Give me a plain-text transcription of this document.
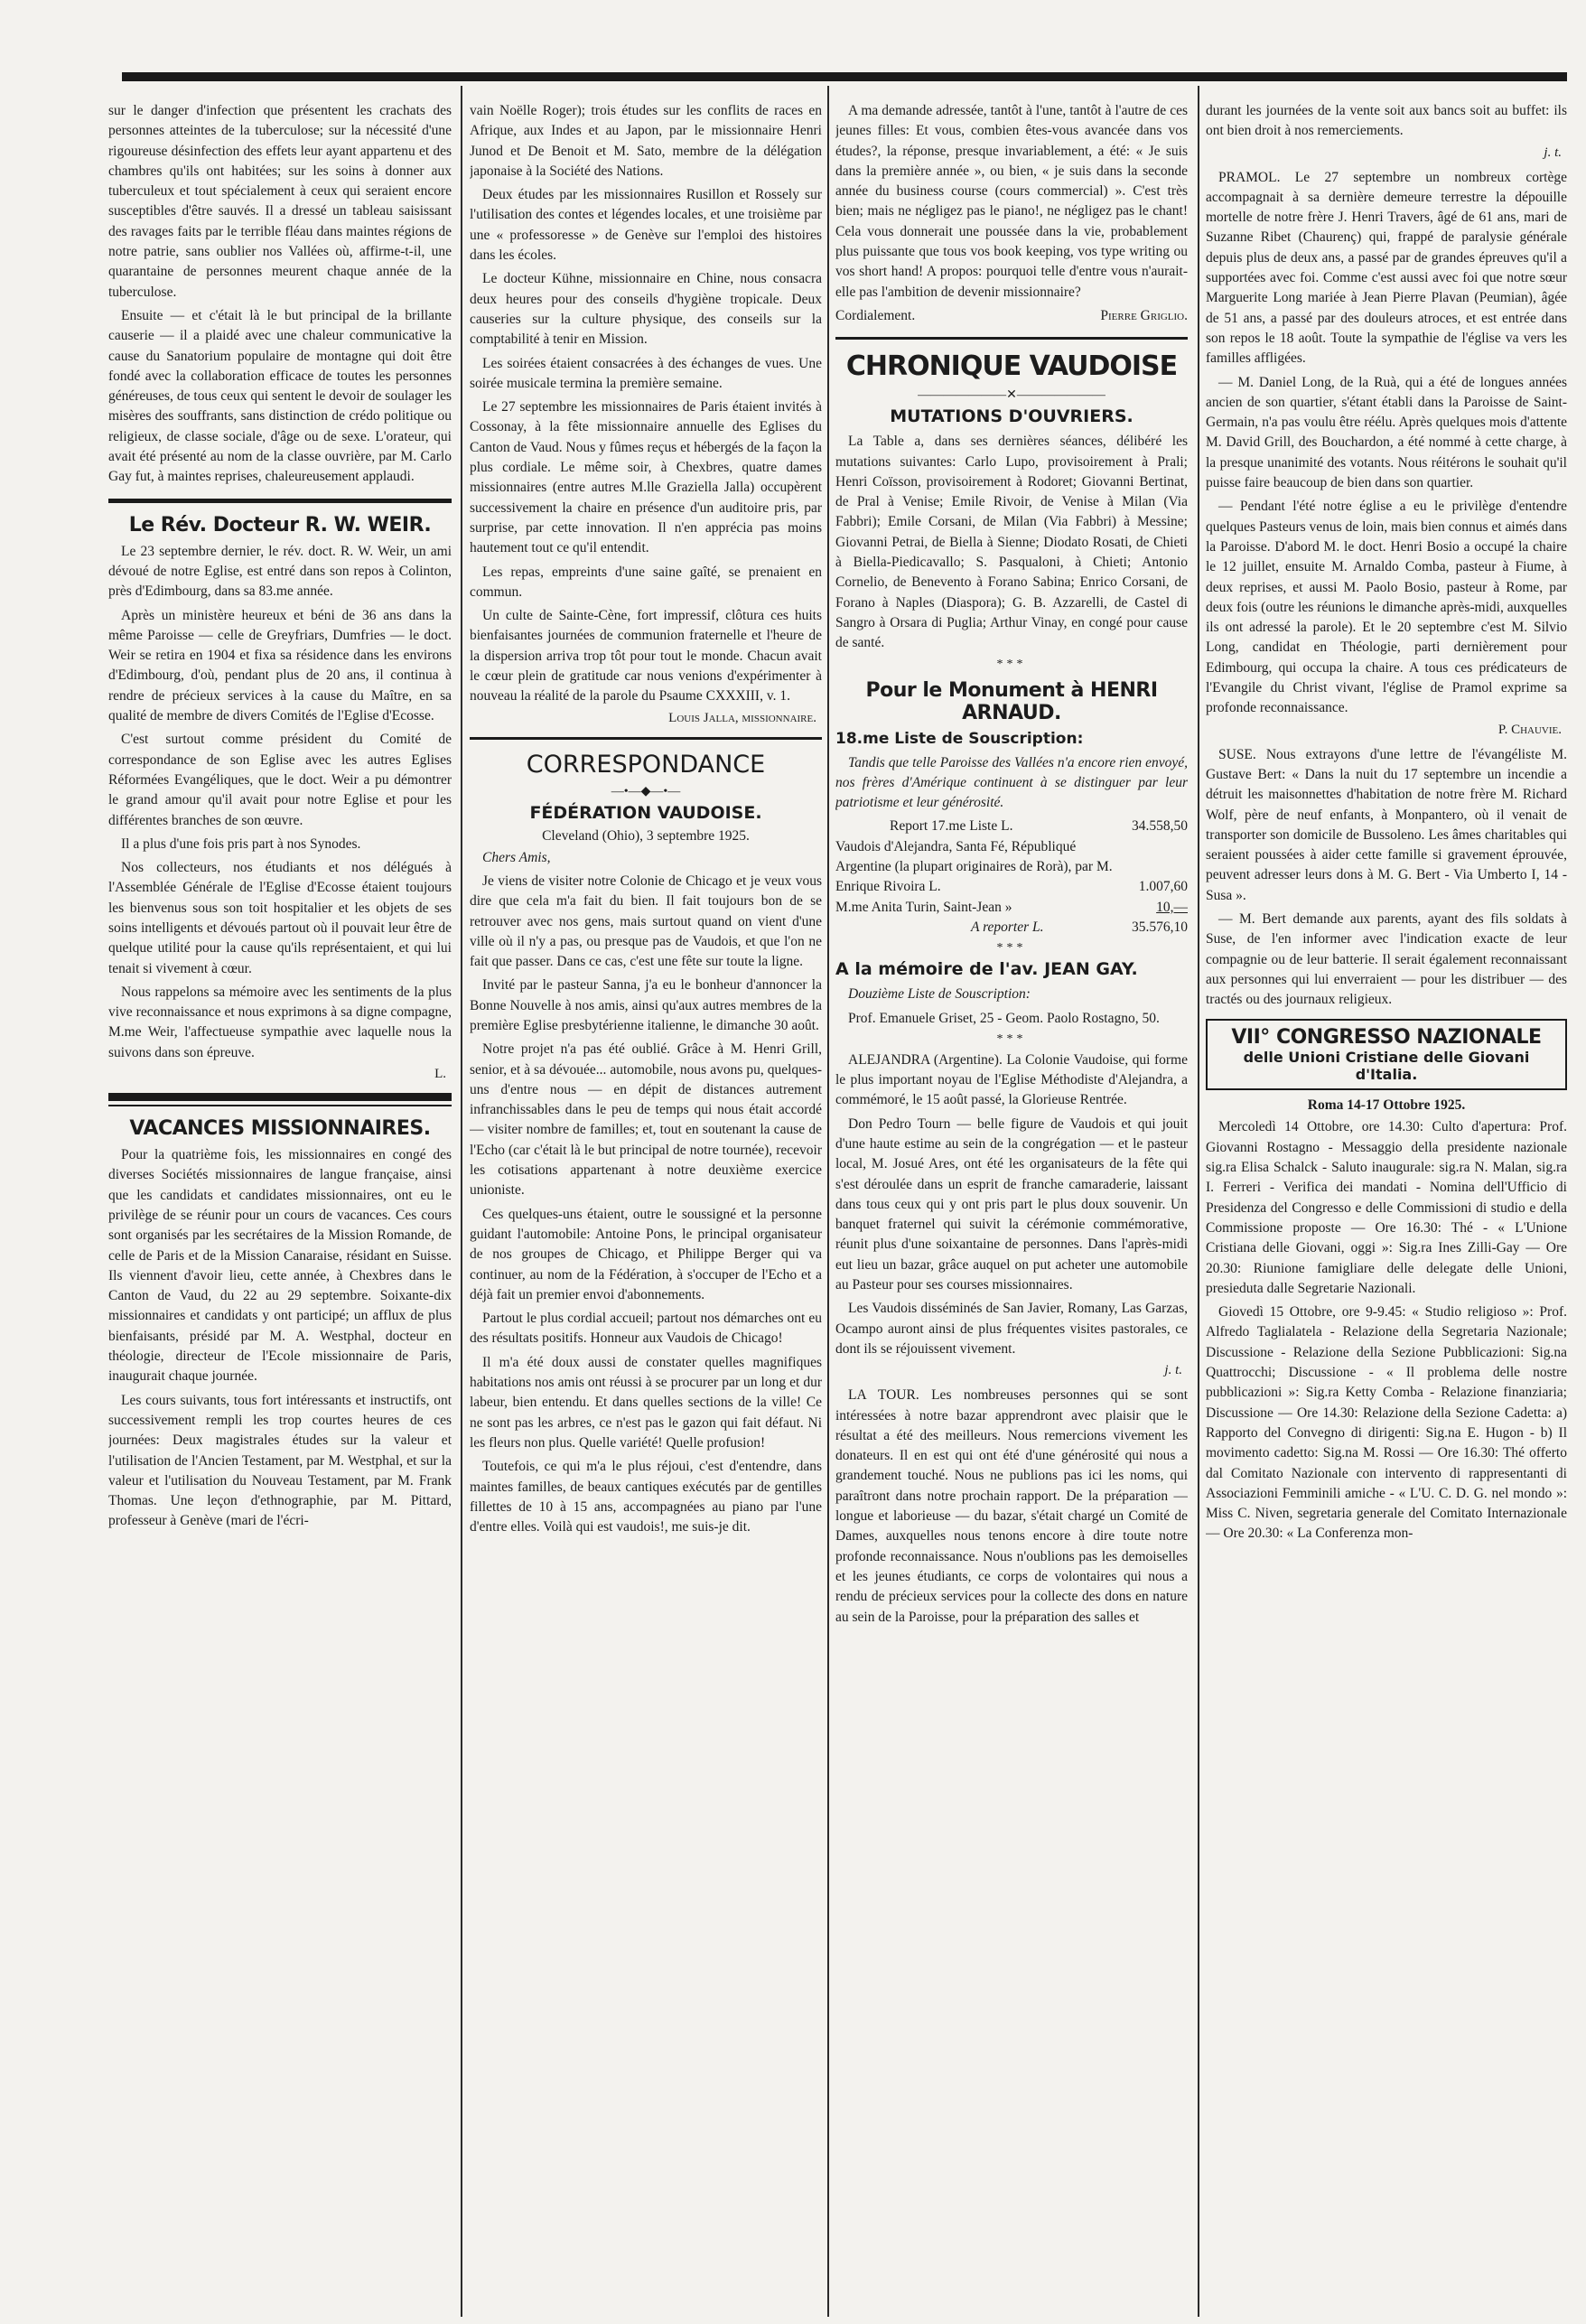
sur le danger d'infection que présentent les crachats des personnes atteintes de la tuberculose; sur la nécessité d'une rigoureuse désinfection des effets leur ayant appartenu et des chambres qu'ils ont habitées; sur les soins à donner aux tuberculeux et tout spécialement à ceux qui seraient encore susceptibles d'être sauvés. Il a dressé un tableau saisissant des ravages faits par le terrible fléau dans maintes régions de notre patrie, sans oublier nos Vallées où, affirme-t-il, une quarantaine de personnes meurent chaque année de la tuberculose.

Ensuite — et c'était là le but principal de la brillante causerie — il a plaidé avec une chaleur communicative la cause du Sanatorium populaire de montagne qui doit être fondé avec la collaboration efficace de toutes les personnes généreuses, de tous ceux qui sentent le devoir de soulager les misères des souffrants, sans distinction de crédo politique ou religieux, de classe sociale, d'âge ou de sexe. L'orateur, qui avait été présenté au nom de la classe ouvrière, par M. Carlo Gay fut, à maintes reprises, chaleureusement applaudi.

Le Rév. Docteur R. W. WEIR.

Le 23 septembre dernier, le rév. doct. R. W. Weir, un ami dévoué de notre Eglise, est entré dans son repos à Colinton, près d'Edimbourg, dans sa 83.me année.

Après un ministère heureux et béni de 36 ans dans la même Paroisse — celle de Greyfriars, Dumfries — le doct. Weir se retira en 1904 et fixa sa résidence dans les environs d'Edimbourg, d'où, pendant plus de 20 ans, il continua à rendre de précieux services à la cause du Maître, en sa qualité de membre de divers Comités de l'Eglise d'Ecosse.

C'est surtout comme président du Comité de correspondance de son Eglise avec les autres Eglises Réformées Evangéliques, que le doct. Weir a pu démontrer le grand amour qu'il avait pour notre Eglise et pour les différentes branches de son œuvre.

Il a plus d'une fois pris part à nos Synodes.

Nos collecteurs, nos étudiants et nos délégués à l'Assemblée Générale de l'Eglise d'Ecosse étaient toujours les bienvenus sous son toit hospitalier et les objets de ses soins intelligents et dévoués partout où il pouvait leur être de quelque utilité pour la cause qu'ils représentaient, et qui lui tenait si vivement à cœur.

Nous rappelons sa mémoire avec les sentiments de la plus vive reconnaissance et nous exprimons à sa digne compagne, M.me Weir, l'affectueuse sympathie avec laquelle nous la suivons dans son épreuve.

L.
VACANCES MISSIONNAIRES.

Pour la quatrième fois, les missionnaires en congé des diverses Sociétés missionnaires de langue française, ainsi que les candidats et candidates missionnaires, ont eu le privilège de se réunir pour un cours de vacances. Ces cours sont organisés par les secrétaires de la Mission Romande, de celle de Paris et de la Mission Canaraise, résidant en Suisse. Ils viennent d'avoir lieu, cette année, à Chexbres dans le Canton de Vaud, du 22 au 29 septembre. Soixante-dix missionnaires et candidats y ont participé; un afflux de plus bienfaisants, présidé par M. A. Westphal, docteur en théologie, directeur de l'Ecole missionnaire de Paris, inaugurait chaque journée.

Les cours suivants, tous fort intéressants et instructifs, ont successivement rempli les trop courtes heures de ces journées: Deux magistrales études sur la valeur et l'utilisation de l'Ancien Testament, par M. Westphal, et sur la valeur et l'utilisation du Nouveau Testament, par M. Frank Thomas. Une leçon d'ethnographie, par M. Pittard, professeur à Genève (mari de l'écri-

vain Noëlle Roger); trois études sur les conflits de races en Afrique, aux Indes et au Japon, par le missionnaire Henri Junod et De Benoit et M. Sato, membre de la délégation japonaise à la Société des Nations.

Deux études par les missionnaires Rusillon et Rossely sur l'utilisation des contes et légendes locales, et une troisième par une « professoresse » de Genève sur l'emploi des histoires dans les écoles.

Le docteur Kühne, missionnaire en Chine, nous consacra deux heures pour des conseils d'hygiène tropicale. Deux causeries sur la culture physique, des conseils sur la comptabilité à tenir en Mission.

Les soirées étaient consacrées à des échanges de vues. Une soirée musicale termina la première semaine.

Le 27 septembre les missionnaires de Paris étaient invités à Cossonay, à la fête missionnaire annuelle des Eglises du Canton de Vaud. Nous y fûmes reçus et hébergés de la façon la plus cordiale. Le même soir, à Chexbres, quatre dames missionnaires (entre autres M.lle Graziella Jalla) occupèrent successivement la chaire en présence d'un auditoire pris, par surprise, par cette innovation. Il n'en apprécia pas moins hautement tout ce qu'il entendit.

Les repas, empreints d'une saine gaîté, se prenaient en commun.

Un culte de Sainte-Cène, fort impressif, clôtura ces huits bienfaisantes journées de communion fraternelle et l'heure de la dispersion arriva trop tôt pour tout le monde. Chacun avait le cœur plein de gratitude car nous venions d'expérimenter à nouveau la réalité de la parole du Psaume CXXXIII, v. 1.

Louis Jalla, missionnaire.
CORRESPONDANCE
—•—◆—•—
FÉDÉRATION VAUDOISE.
Cleveland (Ohio), 3 septembre 1925.

Chers Amis,

Je viens de visiter notre Colonie de Chicago et je veux vous dire que cela m'a fait du bien. Il fait toujours bon de se retrouver avec nos gens, mais surtout quand on vient d'une ville où il n'y a pas, ou presque pas de Vaudois, et que l'on ne fait que passer. Dans ce cas, c'est une fête sur toute la ligne.

Invité par le pasteur Sanna, j'a eu le bonheur d'annoncer la Bonne Nouvelle à nos amis, ainsi qu'aux autres membres de la première Eglise presbytérienne italienne, le dimanche 30 août.

Notre projet n'a pas été oublié. Grâce à M. Henri Grill, senior, et à sa dévouée... automobile, nous avons pu, quelques-uns d'entre nous — en dépit de distances autrement infranchissables dans le peu de temps qui nous était accordé — visiter nombre de familles; et, tout en soutenant la cause de l'Echo (car c'était là le but principal de notre tournée), recevoir les cotisations appartenant à notre deuxième exercice unioniste.

Ces quelques-uns étaient, outre le soussigné et la personne guidant l'automobile: Antoine Pons, le principal organisateur de nos groupes de Chicago, et Philippe Berger qui va continuer, au nom de la Fédération, à s'occuper de l'Echo et a déjà fait un premier envoi d'abonnements.

Partout le plus cordial accueil; partout nos démarches ont eu des résultats positifs. Honneur aux Vaudois de Chicago!

Il m'a été doux aussi de constater quelles magnifiques habitations nos amis ont réussi à se procurer par un long et dur labeur, bien entendu. Et dans quelles sections de la ville! Ce ne sont pas les arbres, ce n'est pas le gazon qui fait défaut. Ni les fleurs non plus. Quelle variété! Quelle profusion!

Toutefois, ce qui m'a le plus réjoui, c'est d'entendre, dans maintes familles, de beaux cantiques exécutés par de gentilles fillettes de 10 à 15 ans, accompagnées au piano par l'une d'entre elles. Voilà qui est vaudois!, me suis-je dit.

A ma demande adressée, tantôt à l'une, tantôt à l'autre de ces jeunes filles: Et vous, combien êtes-vous avancée dans vos études?, la réponse, presque invariablement, a été: « Je suis dans la première année », ou bien, « je suis dans la seconde année du business course (cours commercial) ». C'est très bien; mais ne négligez pas le piano!, ne négligez pas le chant! Cela vous donnerait une poussée dans la vie, probablement plus puissante que tous vos book keeping, vos type writing ou vos short hand! A propos: pourquoi telle d'entre vous n'aurait-elle pas l'ambition de devenir missionnaire?

Cordialement.	Pierre Griglio.
CHRONIQUE VAUDOISE
———————✕———————
MUTATIONS D'OUVRIERS.

La Table a, dans ses dernières séances, délibéré les mutations suivantes: Carlo Lupo, provisoirement à Prali; Henri Coïsson, provisoirement à Rodoret; Giovanni Bertinat, de Pral à Venise; Emile Rivoir, de Venise à Milan (Via Fabbri); Emile Corsani, de Milan (Via Fabbri) à Messine; Giovanni Petrai, de Biella à Sienne; Diodato Rosati, de Chieti à Biella-Piedicavallo; S. Pasqualoni, à Chieti; Antonio Cornelio, de Benevento à Forano Sabina; Enrico Corsani, de Forano à Naples (Diaspora); G. B. Azzarelli, de Castel di Sangro à Orsara di Puglia; Arthur Vinay, en congé pour cause de santé.

***
Pour le Monument à HENRI ARNAUD.
18.me Liste de Souscription:

Tandis que telle Paroisse des Vallées n'a encore rien envoyé, nos frères d'Amérique continuent à se distinguer par leur patriotisme et leur générosité.

Report 17.me Liste L.	34.558,50
Vaudois d'Alejandra, Santa Fé, Républiqué Argentine (la plupart originaires de Rorà), par M. Enrique Rivoira L.	1.007,60
M.me Anita Turin, Saint-Jean »	10,—
A reporter L.	35.576,10
***
A la mémoire de l'av. JEAN GAY.

Douzième Liste de Souscription:

Prof. Emanuele Griset, 25 - Geom. Paolo Rostagno, 50.

***

ALEJANDRA (Argentine). La Colonie Vaudoise, qui forme le plus important noyau de l'Eglise Méthodiste d'Alejandra, a commémoré, le 15 août passé, la Glorieuse Rentrée.

Don Pedro Tourn — belle figure de Vaudois et qui jouit d'une haute estime au sein de la congrégation — et le pasteur local, M. Josué Ares, ont été les organisateurs de la fête qui s'est déroulée dans un esprit de franche camaraderie, laissant dans tous ceux qui y ont pris part le plus doux souvenir. Un banquet fraternel qui suivit la cérémonie commémorative, réunit plus d'une soixantaine de personnes. Dans l'après-midi eut lieu un bazar, grâce auquel on put acheter une automobile au Pasteur pour ses courses missionnaires.

Les Vaudois disséminés de San Javier, Romany, Las Garzas, Ocampo auront ainsi de plus fréquentes visites pastorales, ce dont ils se réjouissent vivement.

j. t.

LA TOUR. Les nombreuses personnes qui se sont intéressées à notre bazar apprendront avec plaisir que le résultat a été des meilleurs. Nous remercions vivement les donateurs. Il en est qui ont été d'une générosité qui nous a grandement touché. Nous ne publions pas ici les noms, qui paraîtront dans notre prochain rapport. De la préparation — longue et laborieuse — du bazar, s'était chargé un Comité de Dames, auxquelles nous tenons encore à dire toute notre profonde reconnaissance. Nous n'oublions pas les demoiselles et les jeunes étudiants, ce corps de volontaires qui nous a rendu de précieux services pour la collecte des dons en nature au sein de la Paroisse, pour la préparation des salles et

durant les journées de la vente soit aux bancs soit au buffet: ils ont bien droit à nos remerciements.

j. t.

PRAMOL. Le 27 septembre un nombreux cortège accompagnait à sa dernière demeure terrestre la dépouille mortelle de notre frère J. Henri Travers, âgé de 61 ans, mari de Suzanne Ribet (Chaurenç) qui, frappé de paralysie générale depuis plus de deux ans, a passé par de grandes épreuves qu'il a supportées avec foi. Comme c'est aussi avec foi que notre sœur Marguerite Long mariée à Jean Pierre Plavan (Peumian), âgée de 51 ans, a passé par des douleurs atroces, et est entrée dans son repos le 18 août. Toute la sympathie de l'église va vers les familles affligées.

— M. Daniel Long, de la Ruà, qui a été de longues années ancien de son quartier, s'étant établi dans la Paroisse de Saint-Germain, n'a pas voulu être réélu. Après quelques mois d'attente M. David Grill, des Bouchardon, a été nommé à cette charge, à la presque unanimité des votants. Nous réitérons le souhait qu'il puisse faire beaucoup de bien dans son quartier.

— Pendant l'été notre église a eu le privilège d'entendre quelques Pasteurs venus de loin, mais bien connus et aimés dans la Paroisse. D'abord M. le doct. Henri Bosio a occupé la chaire le 12 juillet, ensuite M. Arnaldo Comba, pasteur à Fiume, à deux reprises, et aussi M. Paolo Bosio, pasteur à Rome, par deux fois (outre les réunions le dimanche après-midi, auxquelles ils ont adressé la parole). Et le 20 septembre c'est M. Silvio Long, candidat en Théologie, parti dernièrement pour Edimbourg, qui occupa la chaire. A tous ces prédicateurs de l'Evangile du Christ vivant, l'église de Pramol exprime sa profonde reconnaissance.

P. Chauvie.

SUSE. Nous extrayons d'une lettre de l'évangéliste M. Gustave Bert: « Dans la nuit du 17 septembre un incendie a détruit les maisonnettes d'habitation de notre frère M. Richard Wolf, père de neuf enfants, à Monpantero, où il venait de transporter son domicile de Bussoleno. Les âmes charitables qui seraient poussées à aider cette famille si gravement éprouvée, peuvent adresser leurs dons à M. G. Bert - Via Umberto I, 14 - Susa ».

— M. Bert demande aux parents, ayant des fils soldats à Suse, de l'en informer avec l'indication exacte de leur compagnie ou de leur batterie. Il serait également reconnaissant aux personnes qui lui enverraient — pour les distribuer — des tractés ou des journaux religieux.

VII° CONGRESSO NAZIONALE
delle Unioni Cristiane delle Giovani d'Italia.
Roma 14-17 Ottobre 1925.

Mercoledì 14 Ottobre, ore 14.30: Culto d'apertura: Prof. Giovanni Rostagno - Messaggio della presidente nazionale sig.ra Elisa Schalck - Saluto inaugurale: sig.ra N. Malan, sig.ra I. Ferreri - Verifica dei mandati - Nomina dell'Ufficio di Presidenza del Congresso e delle Commissioni di studio e della Commissione proposte — Ore 16.30: Thé - « L'Unione Cristiana delle Giovani, oggi »: Sig.ra Ines Zilli-Gay — Ore 20.30: Riunione famigliare delle delegate delle Unioni, presieduta dalle Segretarie Nazionali.

Giovedì 15 Ottobre, ore 9-9.45: « Studio religioso »: Prof. Alfredo Taglialatela - Relazione della Segretaria Nazionale; Discussione - Relazione della Sezione Pubblicazioni: Sig.na Quattrocchi; Discussione - « Il problema delle nostre pubblicazioni »: Sig.ra Ketty Comba - Relazione finanziaria; Discussione — Ore 14.30: Relazione della Sezione Cadetta: a) Rapporto del Convegno di dirigenti: Sig.na E. Hugon - b) Il movimento cadetto: Sig.na M. Rossi — Ore 16.30: Thé offerto dal Comitato Nazionale con intervento di rappresentanti di Associazioni Femminili amiche - « L'U. C. D. G. nel mondo »: Miss C. Niven, segretaria generale del Comitato Internazionale — Ore 20.30: « La Conferenza mon-
